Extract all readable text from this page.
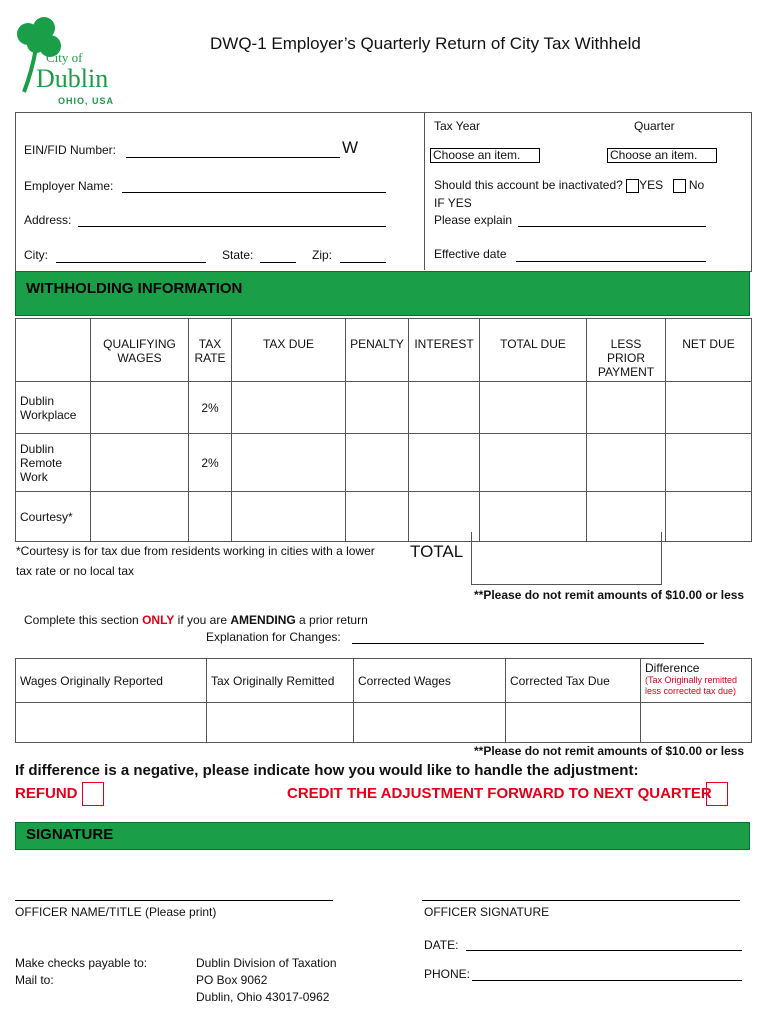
City of
Dublin
OHIO, USA
DWQ-1 Employer’s Quarterly Return of City Tax Withheld
EIN/FID Number:	W
Employer Name:
Address:
City:	State:	Zip:
Tax Year	Quarter
Choose an item.	Choose an item.
Should this account be inactivated? YES No
IF YES
Please explain
Effective date
WITHHOLDING INFORMATION
	QUALIFYING WAGES	TAX RATE	TAX DUE	PENALTY	INTEREST	TOTAL DUE	LESS PRIOR PAYMENT	NET DUE
Dublin Workplace		2%						
Dublin Remote Work		2%						
Courtesy*								
*Courtesy is for tax due from residents working in cities with a lower tax rate or no local tax
TOTAL
**Please do not remit amounts of $10.00 or less
Complete this section ONLY if you are AMENDING a prior return
Explanation for Changes:
Wages Originally Reported	Tax Originally Remitted	Corrected Wages	Corrected Tax Due	Difference
(Tax Originally remitted less corrected tax due)

**Please do not remit amounts of $10.00 or less
If difference is a negative, please indicate how you would like to handle the adjustment:
REFUND	CREDIT THE ADJUSTMENT FORWARD TO NEXT QUARTER
SIGNATURE
OFFICER NAME/TITLE (Please print)	OFFICER SIGNATURE
DATE:
PHONE:
Make checks payable to:
Mail to:
Dublin Division of Taxation
PO Box 9062
Dublin, Ohio 43017-0962
